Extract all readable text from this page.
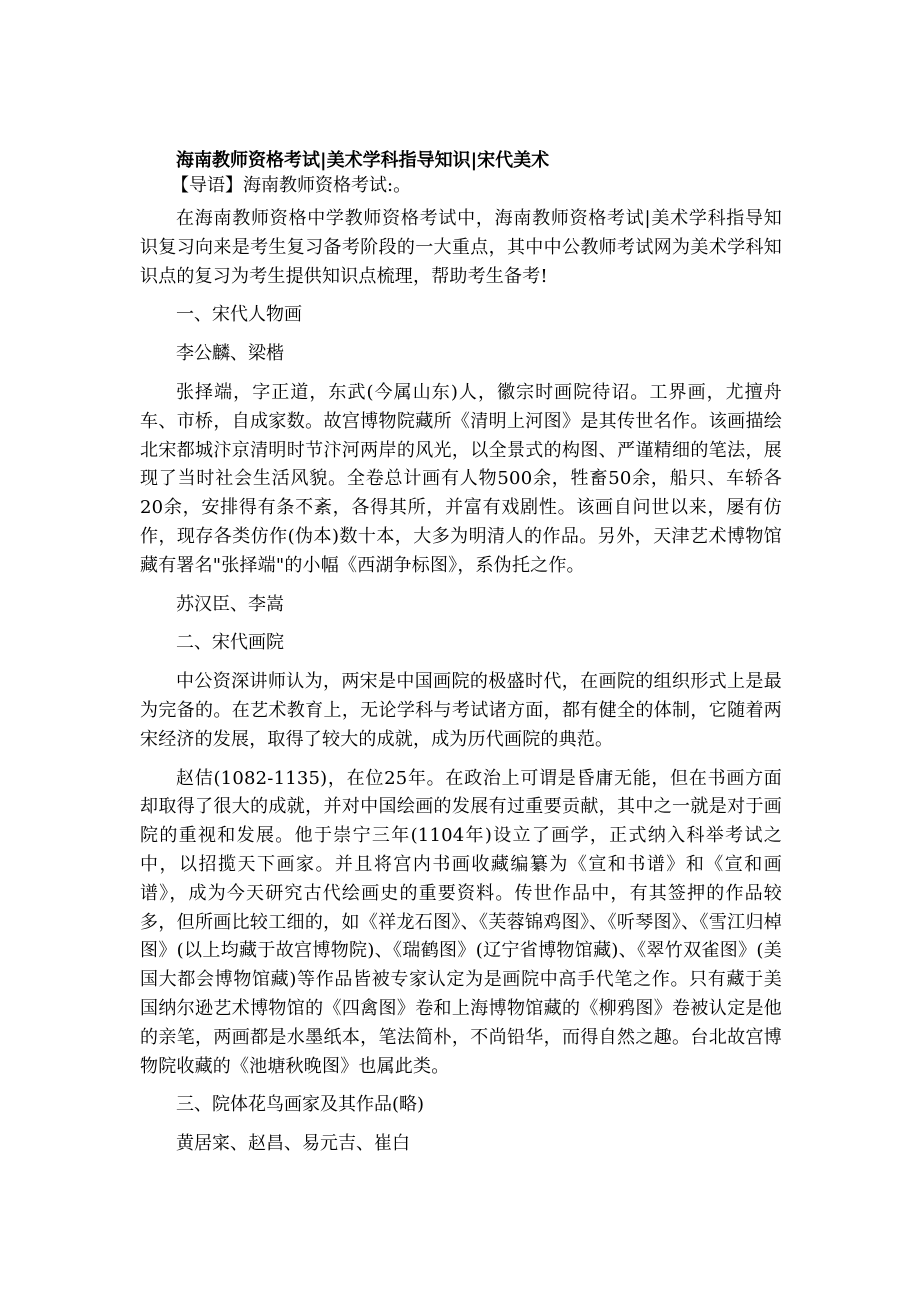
海南教师资格考试|美术学科指导知识|宋代美术
【导语】海南教师资格考试:。

在海南教师资格中学教师资格考试中，海南教师资格考试|美术学科指导知识复习向来是考生复习备考阶段的一大重点，其中中公教师考试网为美术学科知识点的复习为考生提供知识点梳理，帮助考生备考!

一、宋代人物画

李公麟、梁楷

张择端，字正道，东武(今属山东)人，徽宗时画院待诏。工界画，尤擅舟车、市桥，自成家数。故宫博物院藏所《清明上河图》是其传世名作。该画描绘北宋都城汴京清明时节汴河两岸的风光，以全景式的构图、严谨精细的笔法，展现了当时社会生活风貌。全卷总计画有人物500余，牲畜50余，船只、车轿各20余，安排得有条不紊，各得其所，并富有戏剧性。该画自问世以来，屡有仿作，现存各类仿作(伪本)数十本，大多为明清人的作品。另外，天津艺术博物馆藏有署名"张择端"的小幅《西湖争标图》，系伪托之作。

苏汉臣、李嵩

二、宋代画院

中公资深讲师认为，两宋是中国画院的极盛时代，在画院的组织形式上是最为完备的。在艺术教育上，无论学科与考试诸方面，都有健全的体制，它随着两宋经济的发展，取得了较大的成就，成为历代画院的典范。

赵佶(1082-1135)，在位25年。在政治上可谓是昏庸无能，但在书画方面却取得了很大的成就，并对中国绘画的发展有过重要贡献，其中之一就是对于画院的重视和发展。他于崇宁三年(1104年)设立了画学，正式纳入科举考试之中，以招揽天下画家。并且将宫内书画收藏编纂为《宣和书谱》和《宣和画谱》，成为今天研究古代绘画史的重要资料。传世作品中，有其签押的作品较多，但所画比较工细的，如《祥龙石图》、《芙蓉锦鸡图》、《听琴图》、《雪江归棹图》(以上均藏于故宫博物院)、《瑞鹤图》(辽宁省博物馆藏)、《翠竹双雀图》(美国大都会博物馆藏)等作品皆被专家认定为是画院中高手代笔之作。只有藏于美国纳尔逊艺术博物馆的《四禽图》卷和上海博物馆藏的《柳鸦图》卷被认定是他的亲笔，两画都是水墨纸本，笔法简朴，不尚铅华，而得自然之趣。台北故宫博物院收藏的《池塘秋晚图》也属此类。

三、院体花鸟画家及其作品(略)

黄居寀、赵昌、易元吉、崔白
